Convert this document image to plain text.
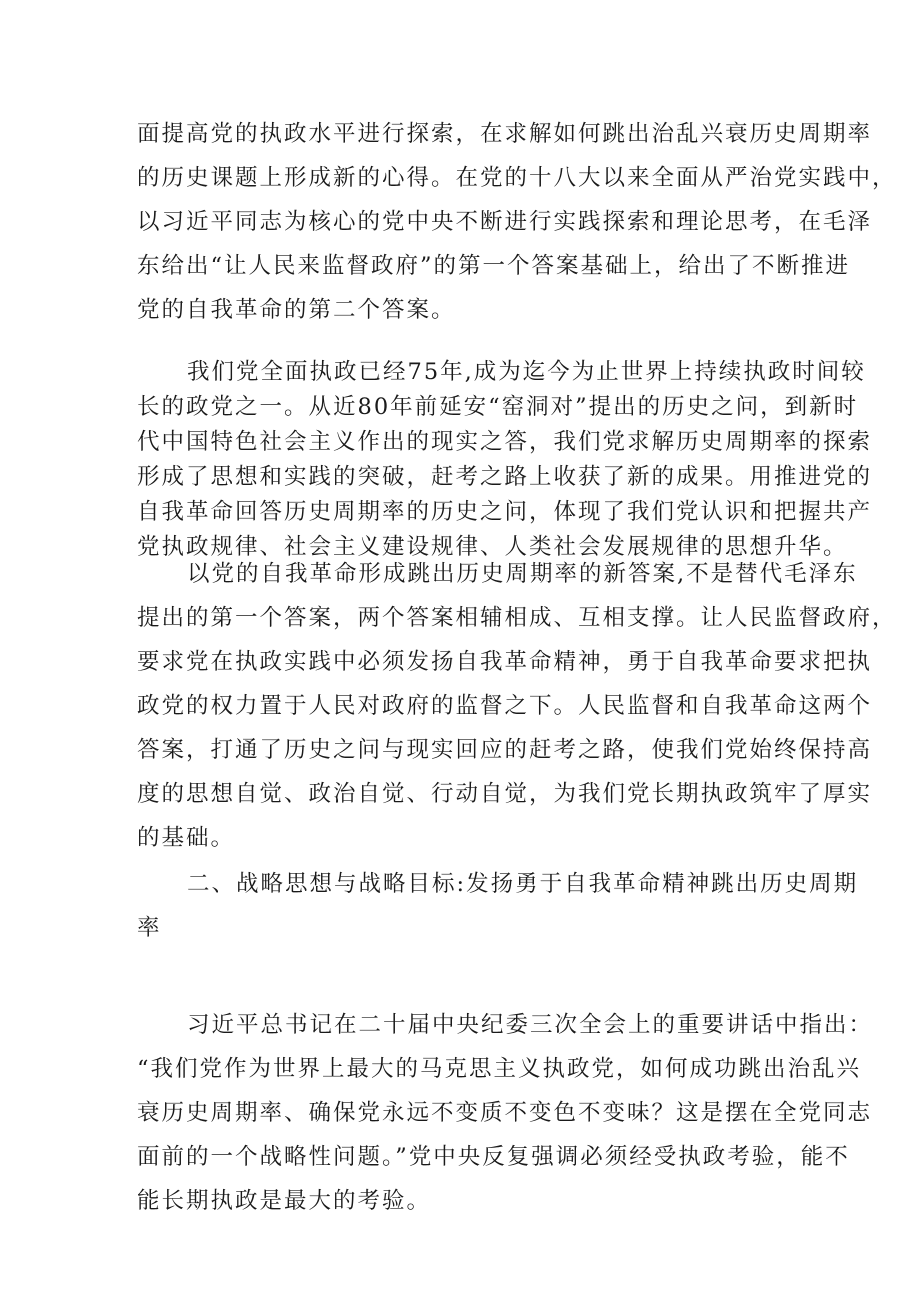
面提高党的执政水平进行探索，在求解如何跳出治乱兴衰历史周期率
的历史课题上形成新的心得。在党的十八大以来全面从严治党实践中，
以习近平同志为核心的党中央不断进行实践探索和理论思考，在毛泽
东给出“让人民来监督政府”的第一个答案基础上，给出了不断推进
党的自我革命的第二个答案。

我们党全面执政已经75年,成为迄今为止世界上持续执政时间较
长的政党之一。从近80年前延安“窑洞对”提出的历史之问，到新时
代中国特色社会主义作出的现实之答，我们党求解历史周期率的探索
形成了思想和实践的突破，赶考之路上收获了新的成果。用推进党的
自我革命回答历史周期率的历史之问，体现了我们党认识和把握共产
党执政规律、社会主义建设规律、人类社会发展规律的思想升华。

以党的自我革命形成跳出历史周期率的新答案,不是替代毛泽东
提出的第一个答案，两个答案相辅相成、互相支撑。让人民监督政府，
要求党在执政实践中必须发扬自我革命精神，勇于自我革命要求把执
政党的权力置于人民对政府的监督之下。人民监督和自我革命这两个
答案，打通了历史之问与现实回应的赶考之路，使我们党始终保持高
度的思想自觉、政治自觉、行动自觉，为我们党长期执政筑牢了厚实
的基础。

二、战略思想与战略目标:发扬勇于自我革命精神跳出历史周期
率

习近平总书记在二十届中央纪委三次全会上的重要讲话中指出：
“我们党作为世界上最大的马克思主义执政党，如何成功跳出治乱兴
衰历史周期率、确保党永远不变质不变色不变味？这是摆在全党同志
面前的一个战略性问题。”党中央反复强调必须经受执政考验，能不
能长期执政是最大的考验。
